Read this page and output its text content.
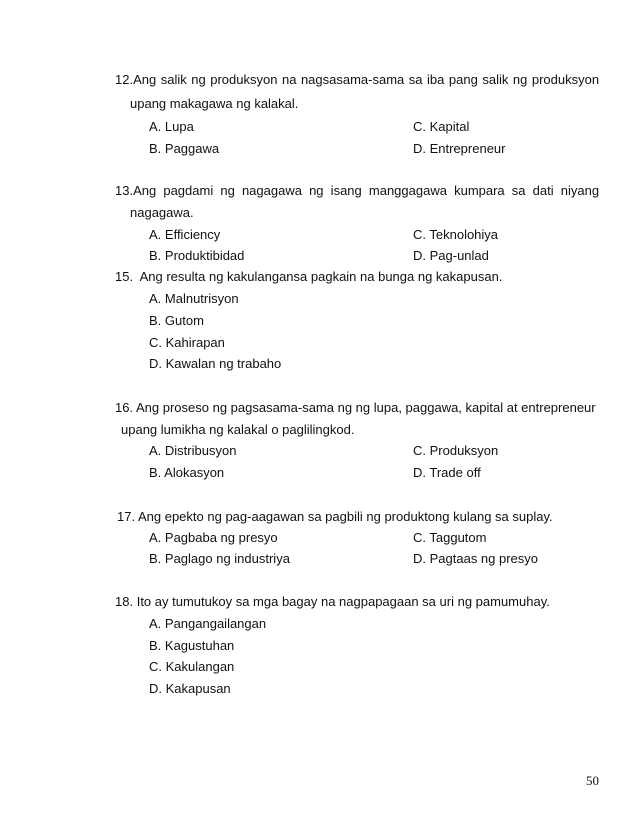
12.Ang salik ng produksyon na nagsasama-sama sa iba pang salik ng produksyon
upang makagawa ng kalakal.
A. Lupa	C. Kapital
B. Paggawa	D. Entrepreneur
13.Ang pagdami ng nagagawa ng isang manggagawa kumpara sa dati niyang
nagagawa.
A. Efficiency	C. Teknolohiya
B. Produktibidad	D. Pag-unlad
15. Ang resulta ng kakulangansa pagkain na bunga ng kakapusan.
A. Malnutrisyon
B. Gutom
C. Kahirapan
D. Kawalan ng trabaho
16. Ang proseso ng pagsasama-sama ng ng lupa, paggawa, kapital at entrepreneur
upang lumikha ng kalakal o paglilingkod.
A. Distribusyon	C. Produksyon
B. Alokasyon	D. Trade off
17. Ang epekto ng pag-aagawan sa pagbili ng produktong kulang sa suplay.
A. Pagbaba ng presyo	C. Taggutom
B. Paglago ng industriya	D. Pagtaas ng presyo
18. Ito ay tumutukoy sa mga bagay na nagpapagaan sa uri ng pamumuhay.
A. Pangangailangan
B. Kagustuhan
C. Kakulangan
D. Kakapusan
50
